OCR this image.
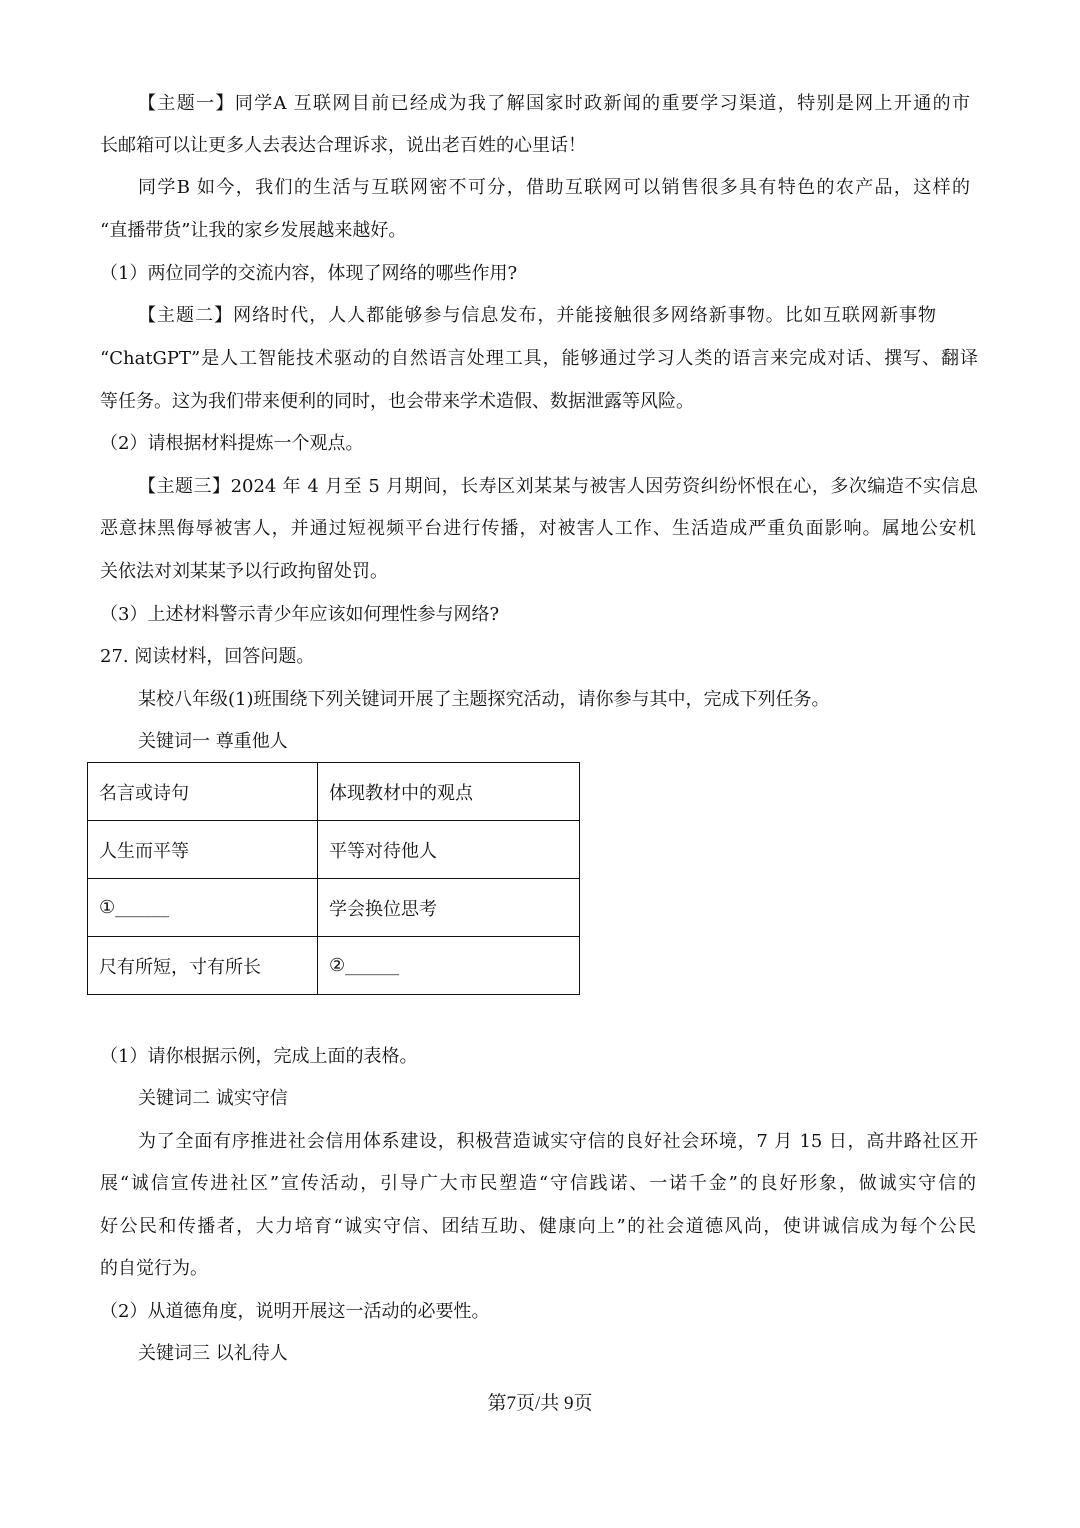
【主题一】同学A 互联网目前已经成为我了解国家时政新闻的重要学习渠道，特别是网上开通的市
长邮箱可以让更多人去表达合理诉求，说出老百姓的心里话！
同学B 如今，我们的生活与互联网密不可分，借助互联网可以销售很多具有特色的农产品，这样的
“直播带货”让我的家乡发展越来越好。
（1）两位同学的交流内容，体现了网络的哪些作用?
【主题二】网络时代，人人都能够参与信息发布，并能接触很多网络新事物。比如互联网新事物
“ChatGPT”是人工智能技术驱动的自然语言处理工具，能够通过学习人类的语言来完成对话、撰写、翻译
等任务。这为我们带来便利的同时，也会带来学术造假、数据泄露等风险。
（2）请根据材料提炼一个观点。
【主题三】2024 年 4 月至 5 月期间，长寿区刘某某与被害人因劳资纠纷怀恨在心，多次编造不实信息
恶意抹黑侮辱被害人，并通过短视频平台进行传播，对被害人工作、生活造成严重负面影响。属地公安机
关依法对刘某某予以行政拘留处罚。
（3）上述材料警示青少年应该如何理性参与网络?
27. 阅读材料，回答问题。
某校八年级(1)班围绕下列关键词开展了主题探究活动，请你参与其中，完成下列任务。
关键词一 尊重他人
名言或诗句	体现教材中的观点
人生而平等	平等对待他人
①______	学会换位思考
尺有所短，寸有所长	②______
（1）请你根据示例，完成上面的表格。
关键词二 诚实守信
为了全面有序推进社会信用体系建设，积极营造诚实守信的良好社会环境，7 月 15 日，高井路社区开
展“诚信宣传进社区”宣传活动，引导广大市民塑造“守信践诺、一诺千金”的良好形象，做诚实守信的
好公民和传播者，大力培育“诚实守信、团结互助、健康向上”的社会道德风尚，使讲诚信成为每个公民
的自觉行为。
（2）从道德角度，说明开展这一活动的必要性。
关键词三 以礼待人
第7页/共 9页
